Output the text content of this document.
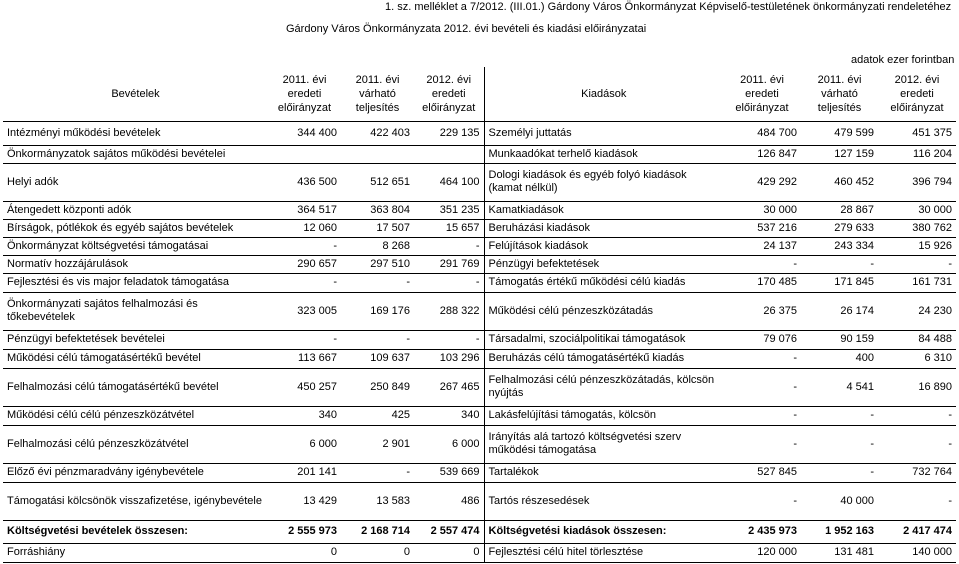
1. sz. melléklet a 7/2012. (III.01.) Gárdony Város Önkormányzat Képviselő-testületének önkormányzati rendeletéhez
Gárdony Város Önkormányzata 2012. évi bevételi és kiadási előirányzatai
adatok ezer forintban
Bevételek	2011. évi
eredeti
előirányzat	2011. évi
várható
teljesítés	2012. évi
eredeti
előirányzat	Kiadások	2011. évi
eredeti
előirányzat	2011. évi
várható
teljesítés	2012. évi
eredeti
előirányzat
Intézményi működési bevételek	344 400	422 403	229 135	Személyi juttatás	484 700	479 599	451 375
Önkormányzatok sajátos működési bevételei				Munkaadókat terhelő kiadások	126 847	127 159	116 204
Helyi adók	436 500	512 651	464 100	Dologi kiadások és egyéb folyó kiadások (kamat nélkül)	429 292	460 452	396 794
Átengedett központi adók	364 517	363 804	351 235	Kamatkiadások	30 000	28 867	30 000
Bírságok, pótlékok és egyéb sajátos bevételek	12 060	17 507	15 657	Beruházási kiadások	537 216	279 633	380 762
Önkormányzat költségvetési támogatásai	-	8 268	-	Felújítások kiadások	24 137	243 334	15 926
Normatív hozzájárulások	290 657	297 510	291 769	Pénzügyi befektetések	-	-	-
Fejlesztési és vis major feladatok támogatása	-	-	-	Támogatás értékű működési célú kiadás	170 485	171 845	161 731
Önkormányzati sajátos felhalmozási és tőkebevételek	323 005	169 176	288 322	Működési célú pénzeszközátadás	26 375	26 174	24 230
Pénzügyi befektetések bevételei	-	-	-	Társadalmi, szociálpolitikai támogatások	79 076	90 159	84 488
Működési célú támogatásértékű bevétel	113 667	109 637	103 296	Beruházás célú támogatásértékű kiadás	-	400	6 310
Felhalmozási célú támogatásértékű bevétel	450 257	250 849	267 465	Felhalmozási célú pénzeszközátadás, kölcsön nyújtás	-	4 541	16 890
Működési célú célú pénzeszközátvétel	340	425	340	Lakásfelújítási támogatás, kölcsön	-	-	-
Felhalmozási célú pénzeszközátvétel	6 000	2 901	6 000	Irányítás alá tartozó költségvetési szerv működési támogatása	-	-	-
Előző évi pénzmaradvány igénybevétele	201 141	-	539 669	Tartalékok	527 845	-	732 764
Támogatási kölcsönök visszafizetése, igénybevétele	13 429	13 583	486	Tartós részesedések	-	40 000	-
Költségvetési bevételek összesen:	2 555 973	2 168 714	2 557 474	Költségvetési kiadások összesen:	2 435 973	1 952 163	2 417 474
Forráshiány	0	0	0	Fejlesztési célú hitel törlesztése	120 000	131 481	140 000
